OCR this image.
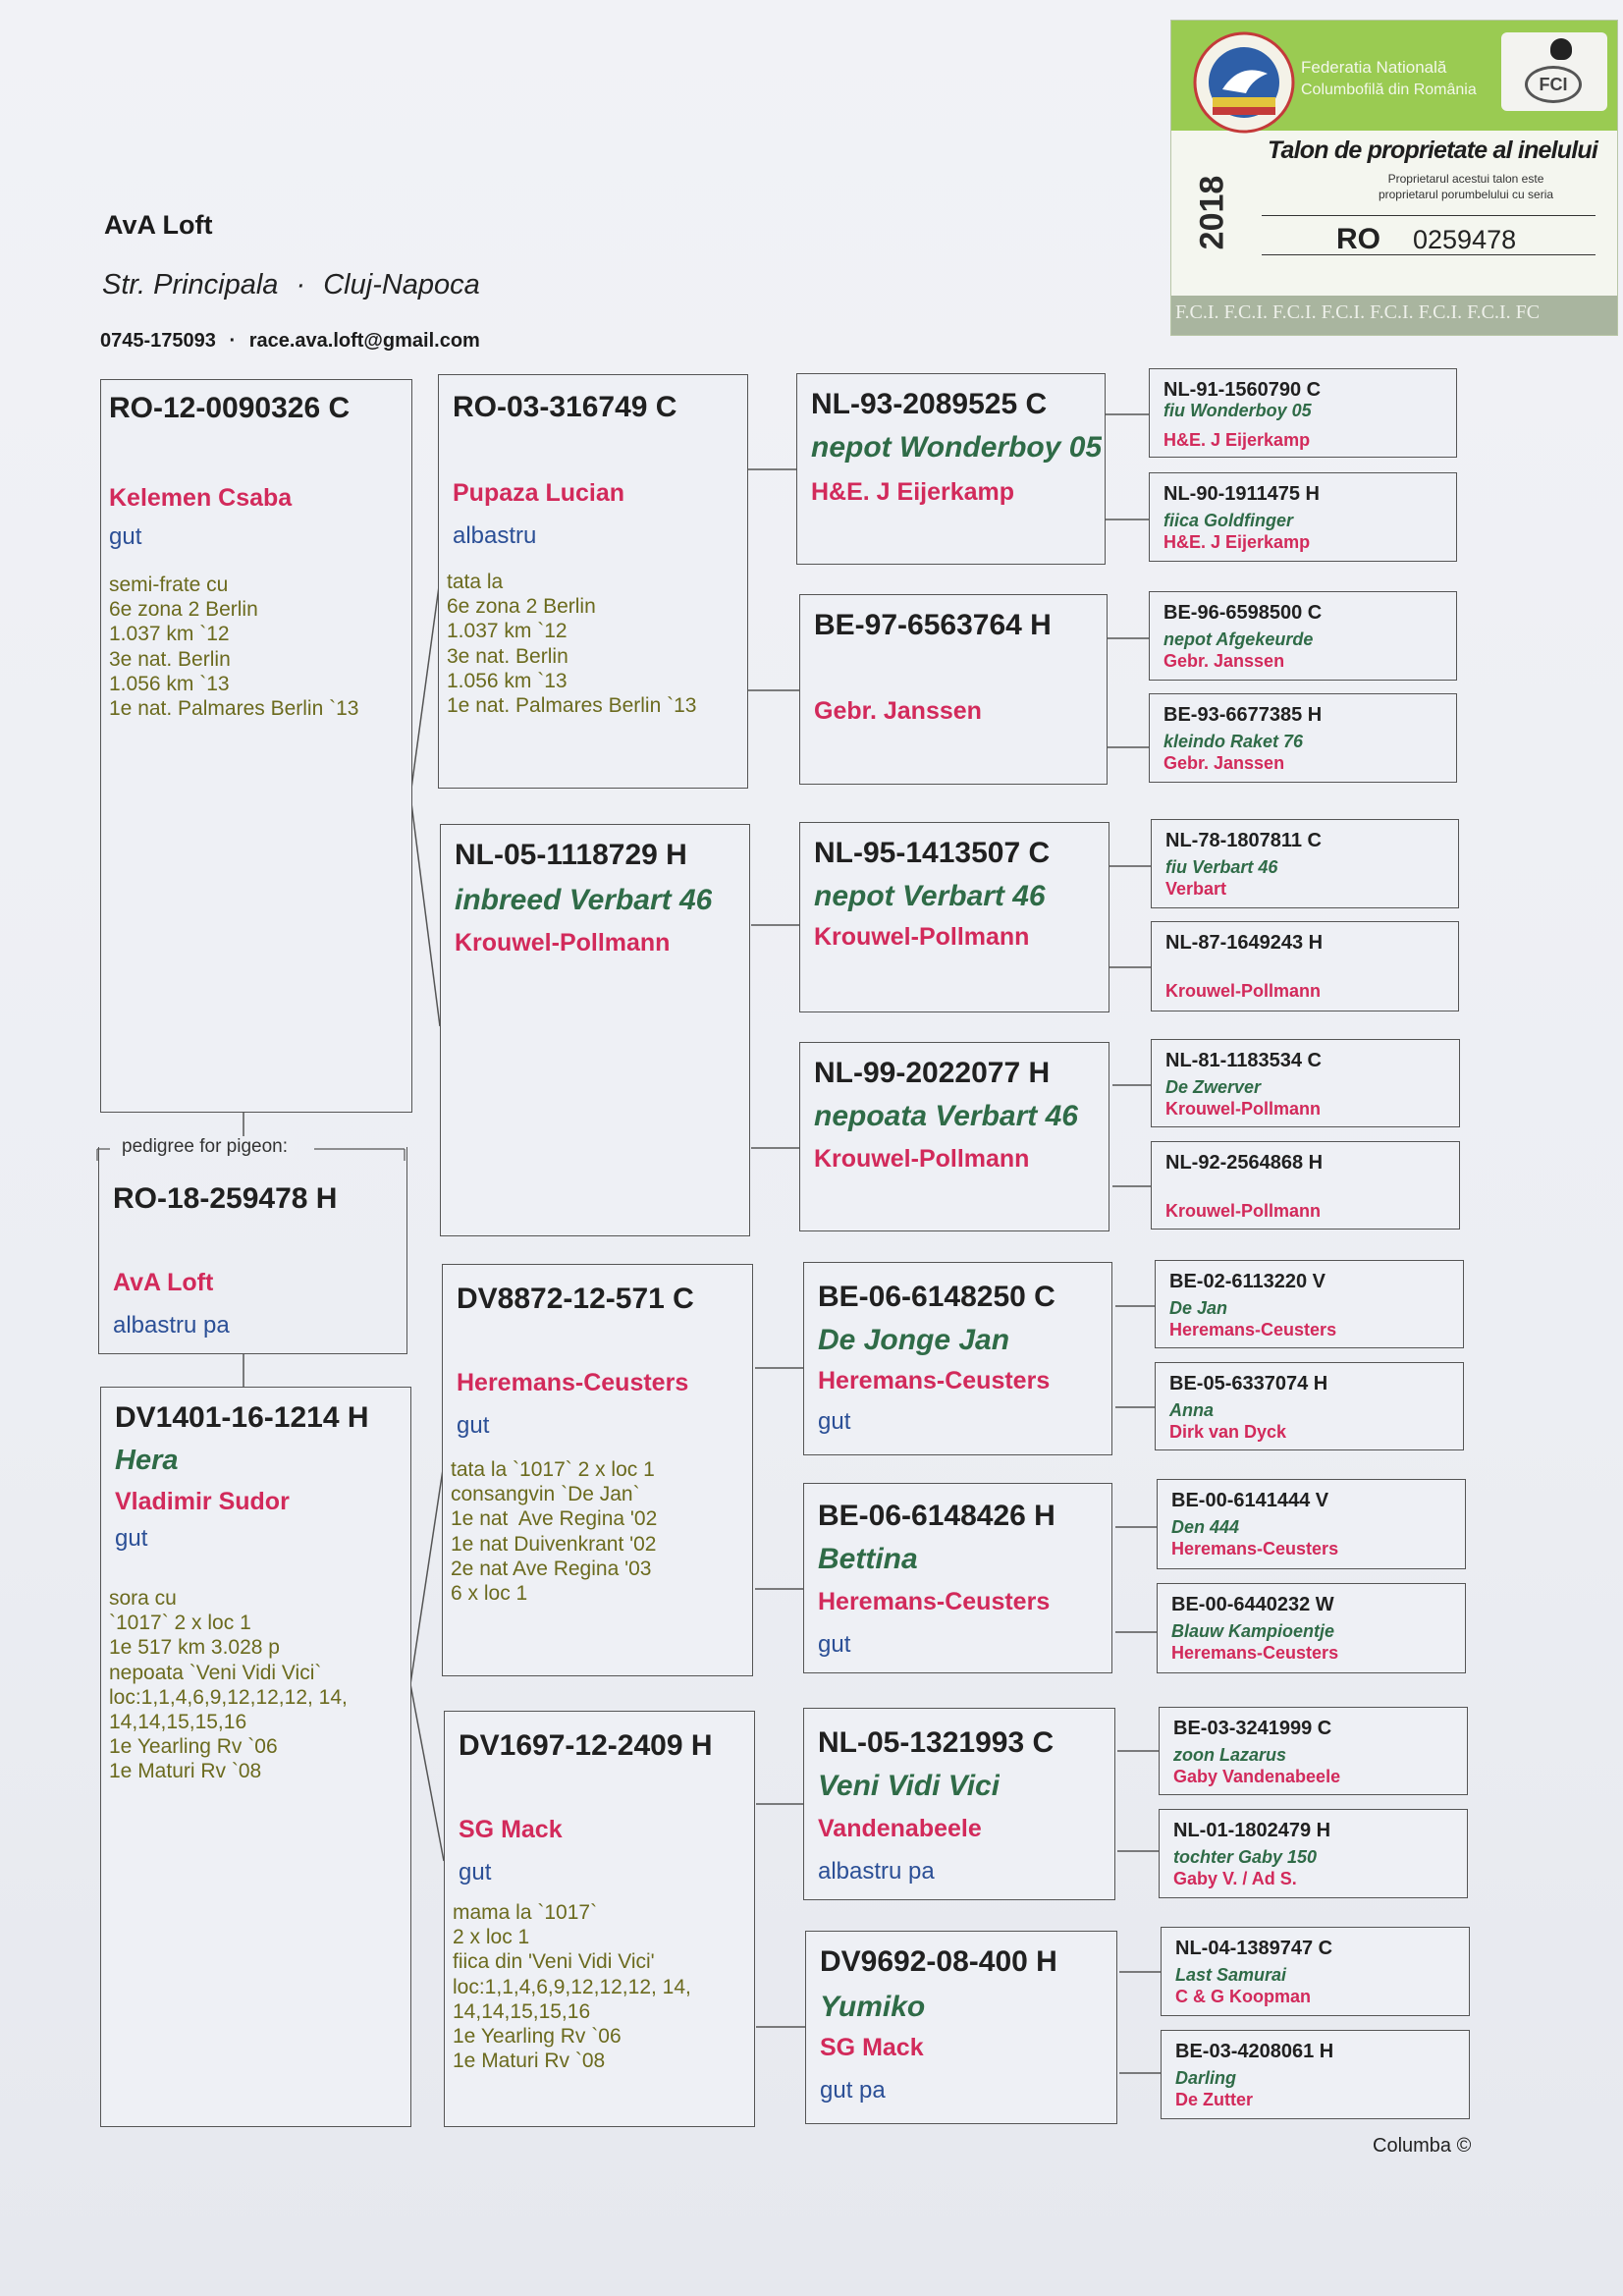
AvA Loft
Str. Principala · Cluj-Napoca
0745-175093 · race.ava.loft@gmail.com
Federatia Natională
Columbofilă din România	FCI
2018
Talon de proprietate al inelului
Proprietarul acestui talon este
proprietarul porumbelului cu seria
RO 0259478
F.C.I. F.C.I. F.C.I. F.C.I. F.C.I. F.C.I. F.C.I. FC
RO-12-0090326 C
Kelemen Csaba
gut
semi-frate cu
6e zona 2 Berlin
1.037 km `12
3e nat. Berlin
1.056 km `13
1e nat. Palmares Berlin `13
pedigree for pigeon:
RO-18-259478 H
AvA Loft
albastru pa
DV1401-16-1214 H
Hera
Vladimir Sudor
gut
sora cu
`1017` 2 x loc 1
1e 517 km 3.028 p
nepoata `Veni Vidi Vici`
loc:1,1,4,6,9,12,12,12, 14,
14,14,15,15,16
1e Yearling Rv `06
1e Maturi Rv `08
RO-03-316749 C
Pupaza Lucian
albastru
tata la
6e zona 2 Berlin
1.037 km `12
3e nat. Berlin
1.056 km `13
1e nat. Palmares Berlin `13
NL-05-1118729 H
inbreed Verbart 46
Krouwel-Pollmann
DV8872-12-571 C
Heremans-Ceusters
gut
tata la `1017` 2 x loc 1
consangvin `De Jan`
1e nat  Ave Regina '02
1e nat Duivenkrant '02
2e nat Ave Regina '03
6 x loc 1
DV1697-12-2409 H
SG Mack
gut
mama la `1017`
2 x loc 1
fiica din 'Veni Vidi Vici'
loc:1,1,4,6,9,12,12,12, 14,
14,14,15,15,16
1e Yearling Rv `06
1e Maturi Rv `08
NL-93-2089525 C
nepot Wonderboy 05
H&E. J Eijerkamp
BE-97-6563764 H
Gebr. Janssen
NL-95-1413507 C
nepot Verbart 46
Krouwel-Pollmann
NL-99-2022077 H
nepoata Verbart 46
Krouwel-Pollmann
BE-06-6148250 C
De Jonge Jan
Heremans-Ceusters
gut
BE-06-6148426 H
Bettina
Heremans-Ceusters
gut
NL-05-1321993 C
Veni Vidi Vici
Vandenabeele
albastru pa
DV9692-08-400 H
Yumiko
SG Mack
gut pa
NL-91-1560790 C
fiu Wonderboy 05
H&E. J Eijerkamp
NL-90-1911475 H
fiica Goldfinger
H&E. J Eijerkamp
BE-96-6598500 C
nepot Afgekeurde
Gebr. Janssen
BE-93-6677385 H
kleindo Raket 76
Gebr. Janssen
NL-78-1807811 C
fiu Verbart 46
Verbart
NL-87-1649243 H
Krouwel-Pollmann
NL-81-1183534 C
De Zwerver
Krouwel-Pollmann
NL-92-2564868 H
Krouwel-Pollmann
BE-02-6113220 V
De Jan
Heremans-Ceusters
BE-05-6337074 H
Anna
Dirk van Dyck
BE-00-6141444 V
Den 444
Heremans-Ceusters
BE-00-6440232 W
Blauw Kampioentje
Heremans-Ceusters
BE-03-3241999 C
zoon Lazarus
Gaby Vandenabeele
NL-01-1802479 H
tochter Gaby 150
Gaby V. / Ad S.
NL-04-1389747 C
Last Samurai
C & G Koopman
BE-03-4208061 H
Darling
De Zutter
Columba ©
